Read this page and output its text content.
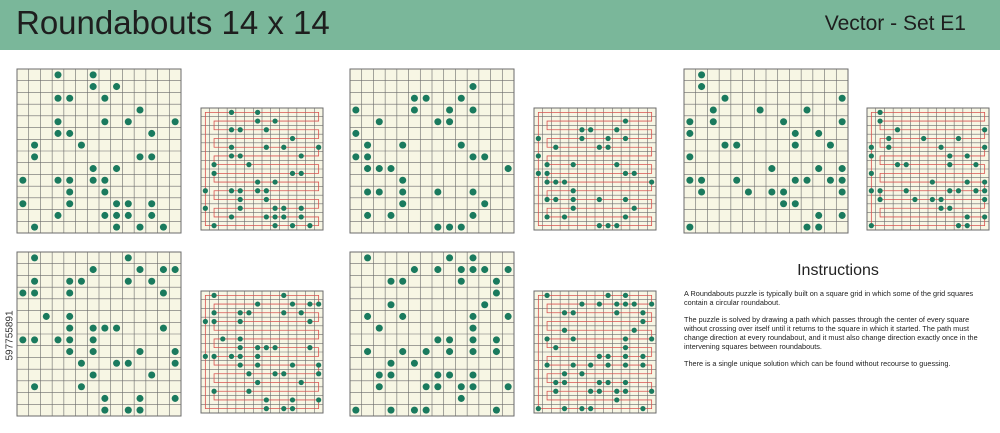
Roundabouts 14 x 14	Vector - Set E1
597755891
Instructions

A Roundabouts puzzle is typically built on a square grid in which some of the grid squares contain a circular roundabout.

The puzzle is solved by drawing a path which passes through the center of every square without crossing over itself until it returns to the square in which it started. The path must change direction at every roundabout, and it must also change direction exactly once in the intervening squares between roundabouts.

There is a single unique solution which can be found without recourse to guessing.
